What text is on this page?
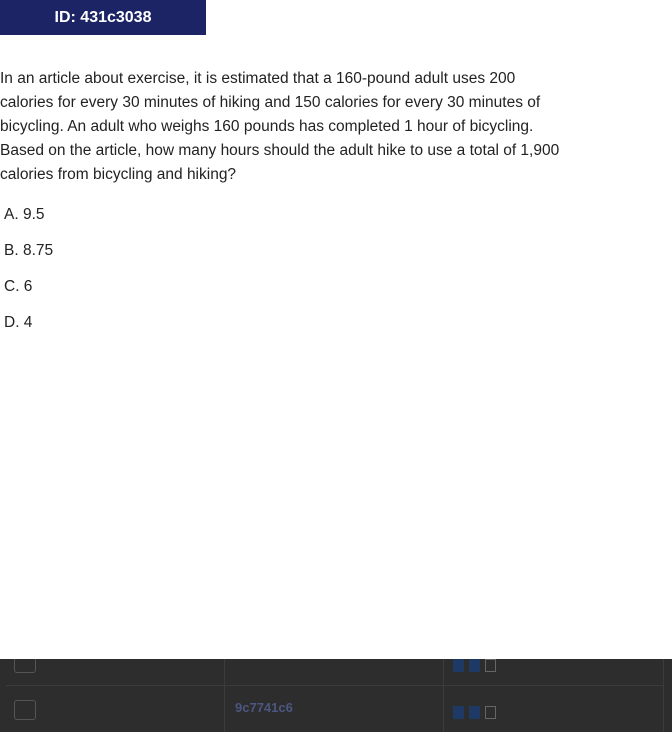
ID: 431c3038

In an article about exercise, it is estimated that a 160-pound adult uses 200 calories for every 30 minutes of hiking and 150 calories for every 30 minutes of bicycling. An adult who weighs 160 pounds has completed 1 hour of bicycling. Based on the article, how many hours should the adult hike to use a total of 1,900 calories from bicycling and hiking?

A. 9.5
B. 8.75
C. 6
D. 4
9c7741c6
